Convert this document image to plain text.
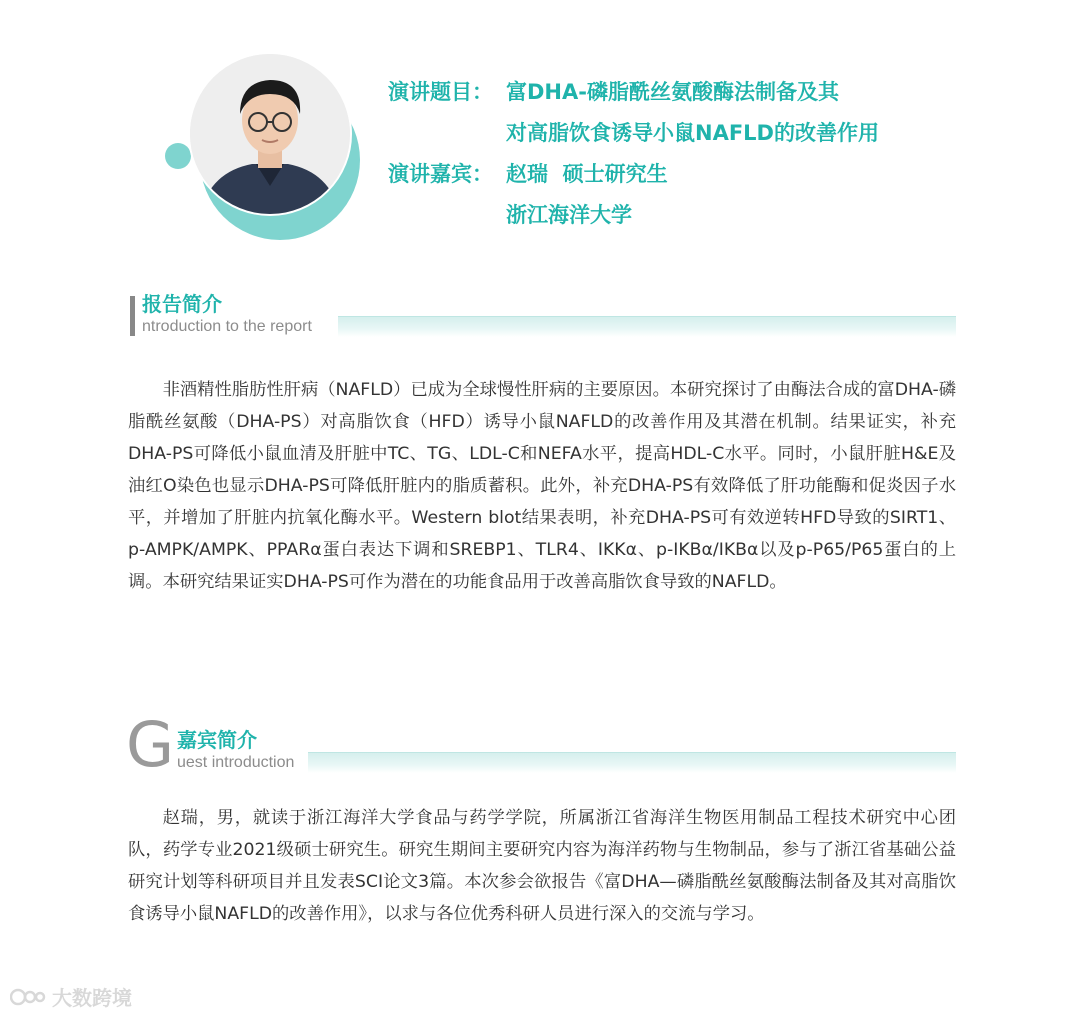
演讲题目： 富DHA-磷脂酰丝氨酸酶法制备及其
对高脂饮食诱导小鼠NAFLD的改善作用
演讲嘉宾： 赵瑞  硕士研究生
浙江海洋大学
报告简介
ntroduction to the report
非酒精性脂肪性肝病（NAFLD）已成为全球慢性肝病的主要原因。本研究探讨了由酶法合成的富DHA-磷脂酰丝氨酸（DHA-PS）对高脂饮食（HFD）诱导小鼠NAFLD的改善作用及其潜在机制。结果证实，补充DHA-PS可降低小鼠血清及肝脏中TC、TG、LDL-C和NEFA水平，提高HDL-C水平。同时，小鼠肝脏H&E及油红O染色也显示DHA-PS可降低肝脏内的脂质蓄积。此外，补充DHA-PS有效降低了肝功能酶和促炎因子水平，并增加了肝脏内抗氧化酶水平。Western blot结果表明，补充DHA-PS可有效逆转HFD导致的SIRT1、p-AMPK/AMPK、PPARα蛋白表达下调和SREBP1、TLR4、IKKα、p-IKBα/IKBα以及p-P65/P65蛋白的上调。本研究结果证实DHA-PS可作为潜在的功能食品用于改善高脂饮食导致的NAFLD。
G 嘉宾简介
uest introduction
赵瑞，男，就读于浙江海洋大学食品与药学学院，所属浙江省海洋生物医用制品工程技术研究中心团队，药学专业2021级硕士研究生。研究生期间主要研究内容为海洋药物与生物制品，参与了浙江省基础公益研究计划等科研项目并且发表SCI论文3篇。本次参会欲报告《富DHA—磷脂酰丝氨酸酶法制备及其对高脂饮食诱导小鼠NAFLD的改善作用》，以求与各位优秀科研人员进行深入的交流与学习。
大数跨境
